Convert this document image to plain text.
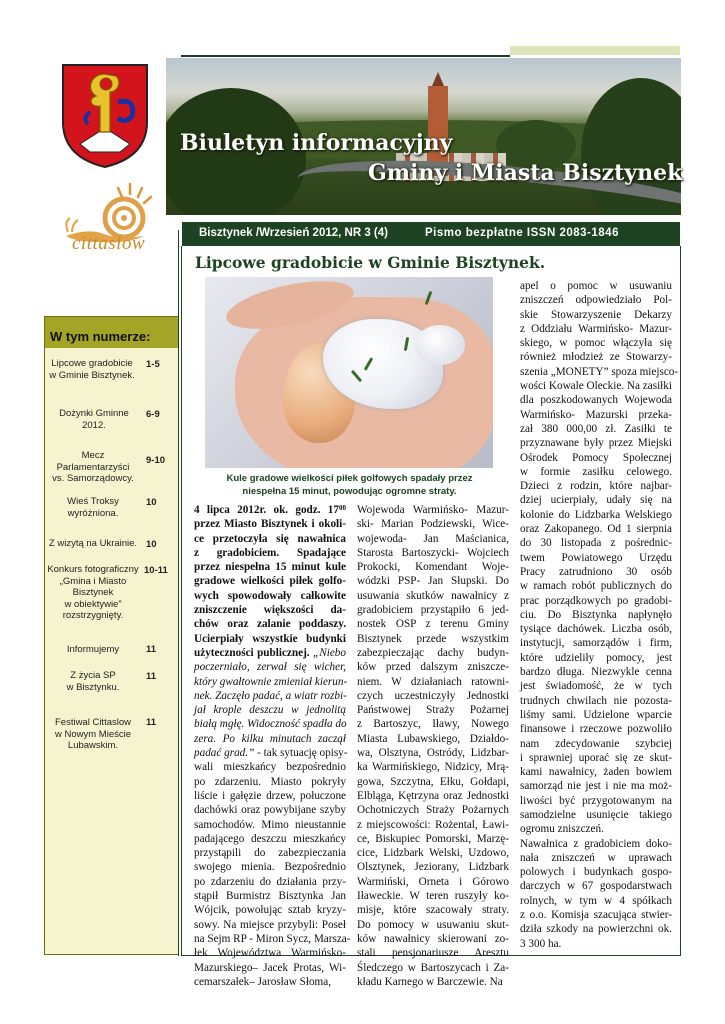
Biuletyn informacyjny
Gminy i Miasta Bisztynek
cittaslow
W tym numerze:
Lipcowe gradobicie
w Gminie Bisztynek.
1-5
Dożynki Gminne 2012.
6-9
Mecz Parlamentarzyści
vs. Samorządowcy.
9-10
Wieś Troksy
wyróżniona.
10
Z wizytą na Ukrainie. 10
Konkurs fotograficzny
„Gmina i Miasto
Bisztynek
w obiektywie”
rozstrzygnięty.
10-11
Informujemy	11
Z życia SP
w Bisztynku.
11
Festiwal Cittaslow
w Nowym Mieście
Lubawskim.
11
Bisztynek /Wrzesień 2012, NR 3 (4)	Pismo bezpłatne ISSN 2083-1846
Lipcowe gradobicie w Gminie Bisztynek.
Kule gradowe wielkości piłek golfowych spadały przez
niespełna 15 minut, powodując ogromne straty.
4 lipca 2012r. ok. godz. $17^{00}$
przez Miasto Bisztynek i okoli-
ce przetoczyła się nawałnica
z gradobiciem. Spadające
przez niespełna 15 minut kule
gradowe wielkości piłek golfo-
wych spowodowały całkowite
zniszczenie większości da-
chów oraz zalanie poddaszy.
Ucierpiały wszystkie budynki
użyteczności publicznej. „Niebo
poczerniało, zerwał się wicher,
który gwałtownie zmieniał kierun-
nek. Zaczęło padać, a wiatr rozbi-
jał krople deszczu w jednolitą
białą mgłę. Widoczność spadła do
zera. Po kilku minutach zaczął
padać grad.” - tak sytuację opisy-
wali mieszkańcy bezpośrednio
po zdarzeniu. Miasto pokryły
liście i gałęzie drzew, połuczone
dachówki oraz powybijane szyby
samochodów. Mimo nieustannie
padającego deszczu mieszkańcy
przystąpili do zabezpieczania
swojego mienia. Bezpośrednio
po zdarzeniu do działania przy-
stąpił Burmistrz Bisztynka Jan
Wójcik, powołując sztab kryzy-
sowy. Na miejsce przybyli: Poseł
na Sejm RP - Miron Sycz, Marsza-
łek Województwa Warmińsko-
Mazurskiego– Jacek Protas, Wi-
cemarszałek– Jarosław Słoma,
Wojewoda Warmińsko- Mazur-
ski- Marian Podziewski, Wice-
wojewoda- Jan Maścianica,
Starosta Bartoszycki- Wojciech
Prokocki, Komendant Woje-
wódzki PSP- Jan Słupski. Do
usuwania skutków nawałnicy z
gradobiciem przystąpiło 6 jed-
nostek OSP z terenu Gminy
Bisztynek przede wszystkim
zabezpieczając dachy budyn-
ków przed dalszym zniszcze-
niem. W działaniach ratowni-
czych uczestniczyły Jednostki
Państwowej Straży Pożarnej
z Bartoszyc, Iławy, Nowego
Miasta Lubawskiego, Działdo-
wa, Olsztyna, Ostródy, Lidzbar-
ka Warmińskiego, Nidzicy, Mrą-
gowa, Szczytna, Ełku, Gołdapi,
Elbląga, Kętrzyna oraz Jednostki
Ochotniczych Straży Pożarnych
z miejscowości: Rożental, Ławi-
ce, Biskupiec Pomorski, Marzę-
cice, Lidzbark Welski, Uzdowo,
Olsztynek, Jeziorany, Lidzbark
Warmiński, Orneta i Górowo
Iławeckie. W teren ruszyły ko-
misje, które szacowały straty.
Do pomocy w usuwaniu skut-
ków nawałnicy skierowani zo-
stali pensjonariusze Aresztu
Śledczego w Bartoszycach i Za-
kładu Karnego w Barczewie. Na
apel o pomoc w usuwaniu
zniszczeń odpowiedziało Pol-
skie Stowarzyszenie Dekarzy
z Oddziału Warmińsko- Mazur-
skiego, w pomoc włączyła się
również młodzież ze Stowarzy-
szenia „MONETY” spoza miejsco-
wości Kowale Oleckie. Na zasiłki
dla poszkodowanych Wojewoda
Warmińsko- Mazurski przeka-
zał 380 000,00 zł. Zasiłki te
przyznawane były przez Miejski
Ośrodek Pomocy Społecznej
w formie zasiłku celowego.
Dzieci z rodzin, które najbar-
dziej ucierpiały, udały się na
kolonie do Lidzbarka Welskiego
oraz Zakopanego. Od 1 sierpnia
do 30 listopada z pośrednic-
twem Powiatowego Urzędu
Pracy zatrudniono 30 osób
w ramach robót publicznych do
prac porządkowych po gradobi-
ciu. Do Bisztynka napłynęło
tysiące dachówek. Liczba osób,
instytucji, samorządów i firm,
które udzieliły pomocy, jest
bardzo długa. Niezwykle cenna
jest świadomość, że w tych
trudnych chwilach nie pozosta-
liśmy sami. Udzielone wparcie
finansowe i rzeczowe pozwoliło
nam zdecydowanie szybciej
i sprawniej uporać się ze skut-
kami nawałnicy, żaden bowiem
samorząd nie jest i nie ma moż-
liwości być przygotowanym na
samodzielne usunięcie takiego
ogromu zniszczeń.
Nawałnica z gradobiciem doko-
nała zniszczeń w uprawach
polowych i budynkach gospo-
darczych w 67 gospodarstwach
rolnych, w tym w 4 spółkach
z o.o. Komisja szacująca stwier-
dziła szkody na powierzchni ok.
3 300 ha.
